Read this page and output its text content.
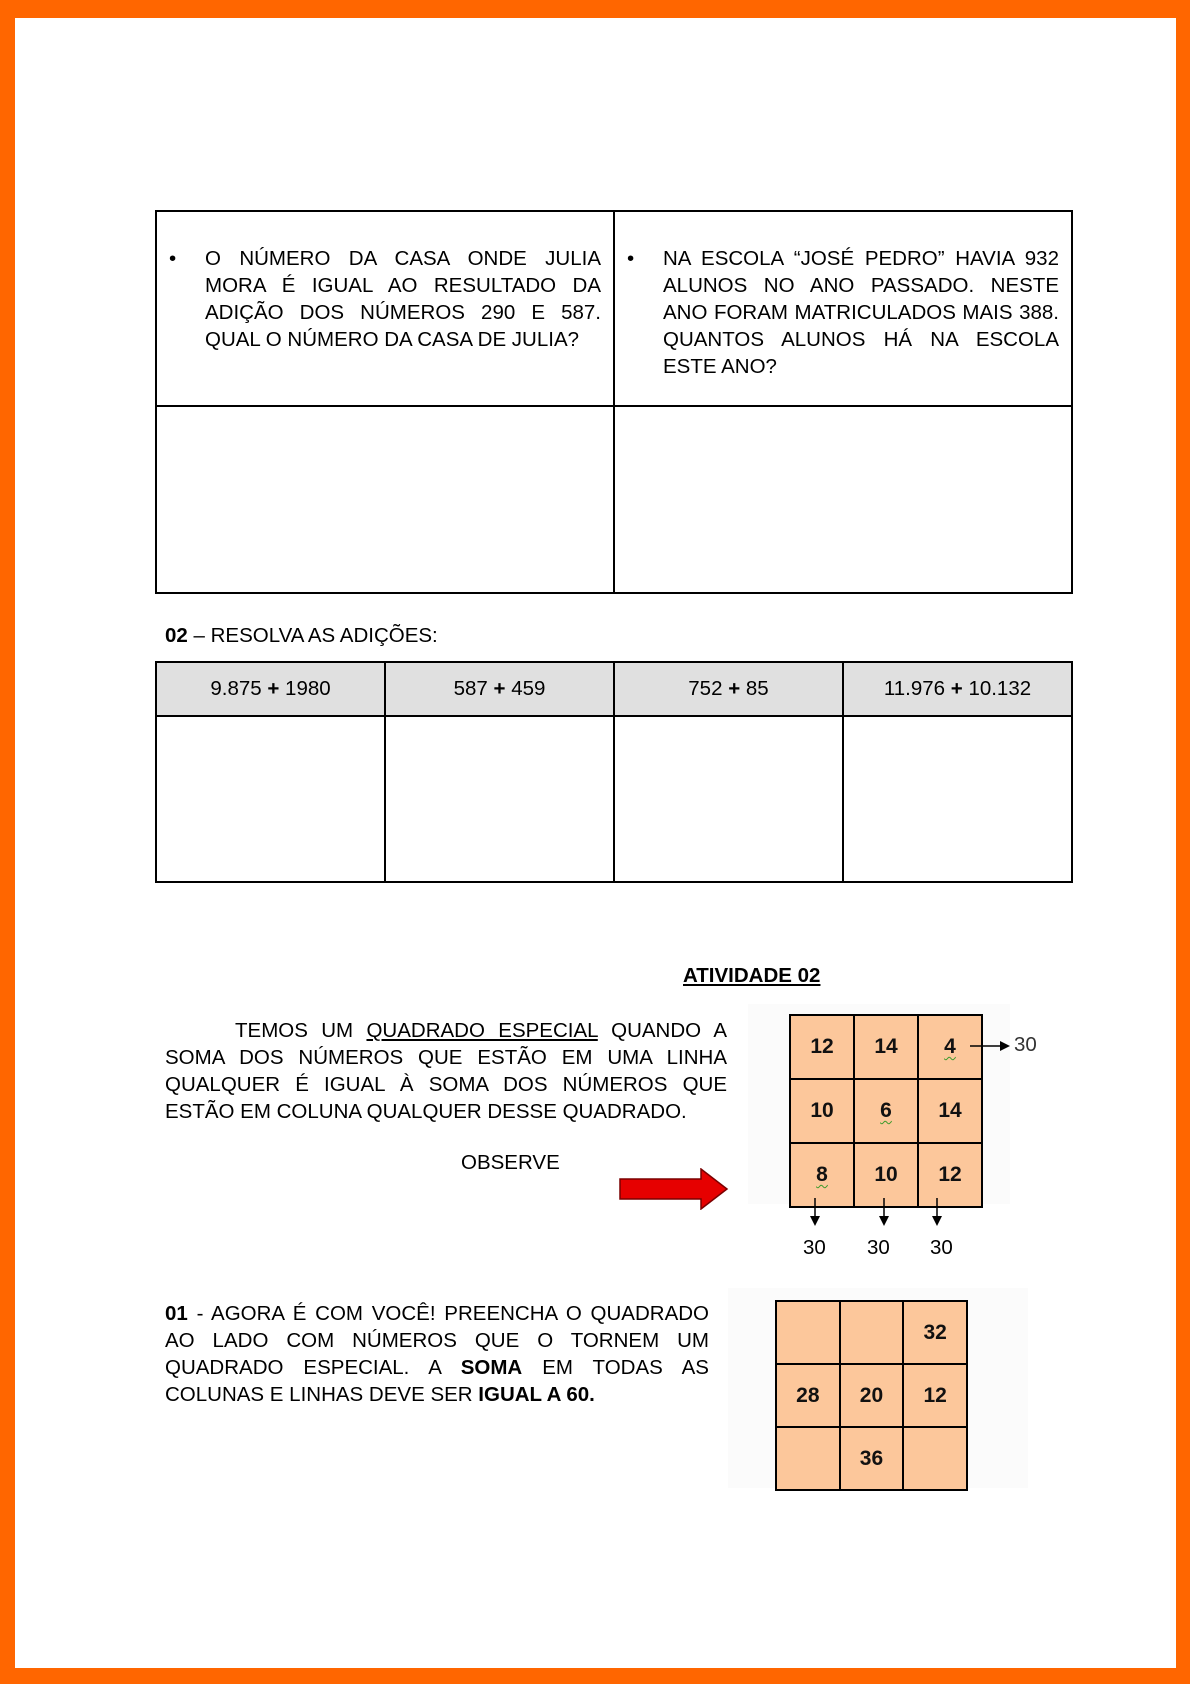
• O NÚMERO DA CASA ONDE JULIA MORA É IGUAL AO RESULTADO DA ADIÇÃO DOS NÚMEROS 290 E 587. QUAL O NÚMERO DA CASA DE JULIA?	• NA ESCOLA “JOSÉ PEDRO” HAVIA 932 ALUNOS NO ANO PASSADO. NESTE ANO FORAM MATRICULADOS MAIS 388. QUANTOS ALUNOS HÁ NA ESCOLA ESTE ANO?

02 – RESOLVA AS ADIÇÕES:
9.875 + 1980	587 + 459	752 + 85	11.976 + 10.132

ATIVIDADE 02
TEMOS UM QUADRADO ESPECIAL QUANDO A SOMA DOS NÚMEROS QUE ESTÃO EM UMA LINHA QUALQUER É IGUAL À SOMA DOS NÚMEROS QUE ESTÃO EM COLUNA QUALQUER DESSE QUADRADO.
OBSERVE
12	14	4
10	6	14
8	10	12
30
30 30 30
01 - AGORA É COM VOCÊ! PREENCHA O QUADRADO AO LADO COM NÚMEROS QUE O TORNEM UM QUADRADO ESPECIAL. A SOMA EM TODAS AS COLUNAS E LINHAS DEVE SER IGUAL A 60.
		32
28	20	12
	36	
